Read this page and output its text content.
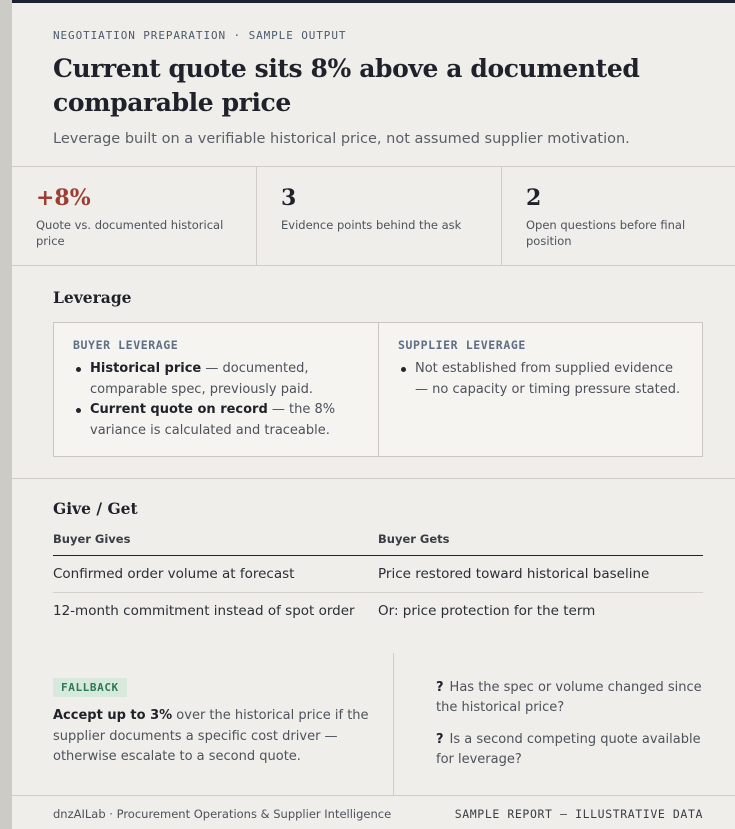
NEGOTIATION PREPARATION · SAMPLE OUTPUT
Current quote sits 8% above a documented comparable price
Leverage built on a verifiable historical price, not assumed supplier motivation.
+8%
Quote vs. documented historical price
3
Evidence points behind the ask
2
Open questions before final position
Leverage
BUYER LEVERAGE
Historical price — documented, comparable spec, previously paid.
Current quote on record — the 8% variance is calculated and traceable.
SUPPLIER LEVERAGE
Not established from supplied evidence — no capacity or timing pressure stated.
Give / Get
Buyer Gives	Buyer Gets
Confirmed order volume at forecast	Price restored toward historical baseline
12-month commitment instead of spot order	Or: price protection for the term
FALLBACK
Accept up to 3% over the historical price if the supplier documents a specific cost driver — otherwise escalate to a second quote.
? Has the spec or volume changed since the historical price?
? Is a second competing quote available for leverage?
dnzAILab · Procurement Operations & Supplier Intelligence	SAMPLE REPORT — ILLUSTRATIVE DATA
